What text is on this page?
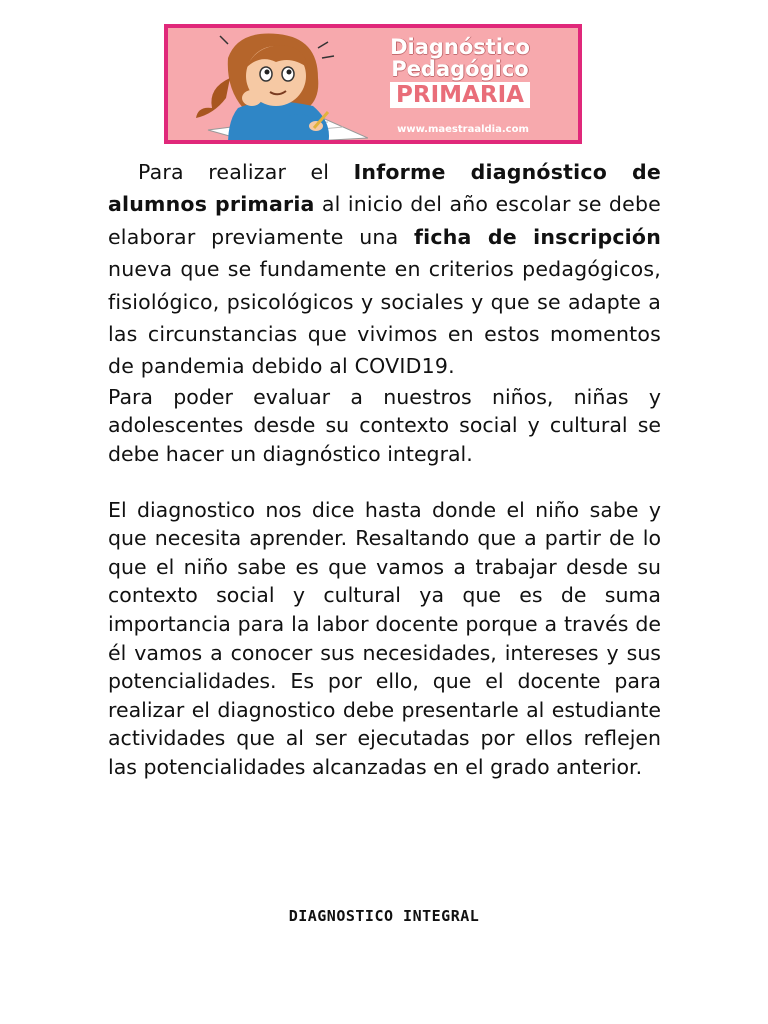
Diagnóstico
Pedagógico
PRIMARIA
www.maestraaldia.com

Para realizar el Informe diagnóstico de alumnos primaria al inicio del año escolar se debe elaborar previamente una ficha de inscripción nueva que se fundamente en criterios pedagógicos, fisiológico, psicológicos y sociales y que se adapte a las circunstancias que vivimos en estos momentos de pandemia debido al COVID19.

Para poder evaluar a nuestros niños, niñas y adolescentes desde su contexto social y cultural se debe hacer un diagnóstico integral.

El diagnostico nos dice hasta donde el niño sabe y que necesita aprender. Resaltando que a partir de lo que el niño sabe es que vamos a trabajar desde su contexto social y cultural ya que es de suma importancia para la labor docente porque a través de él vamos a conocer sus necesidades, intereses y sus potencialidades. Es por ello, que el docente para realizar el diagnostico debe presentarle al estudiante actividades que al ser ejecutadas por ellos reflejen las potencialidades alcanzadas en el grado anterior.

DIAGNOSTICO INTEGRAL
